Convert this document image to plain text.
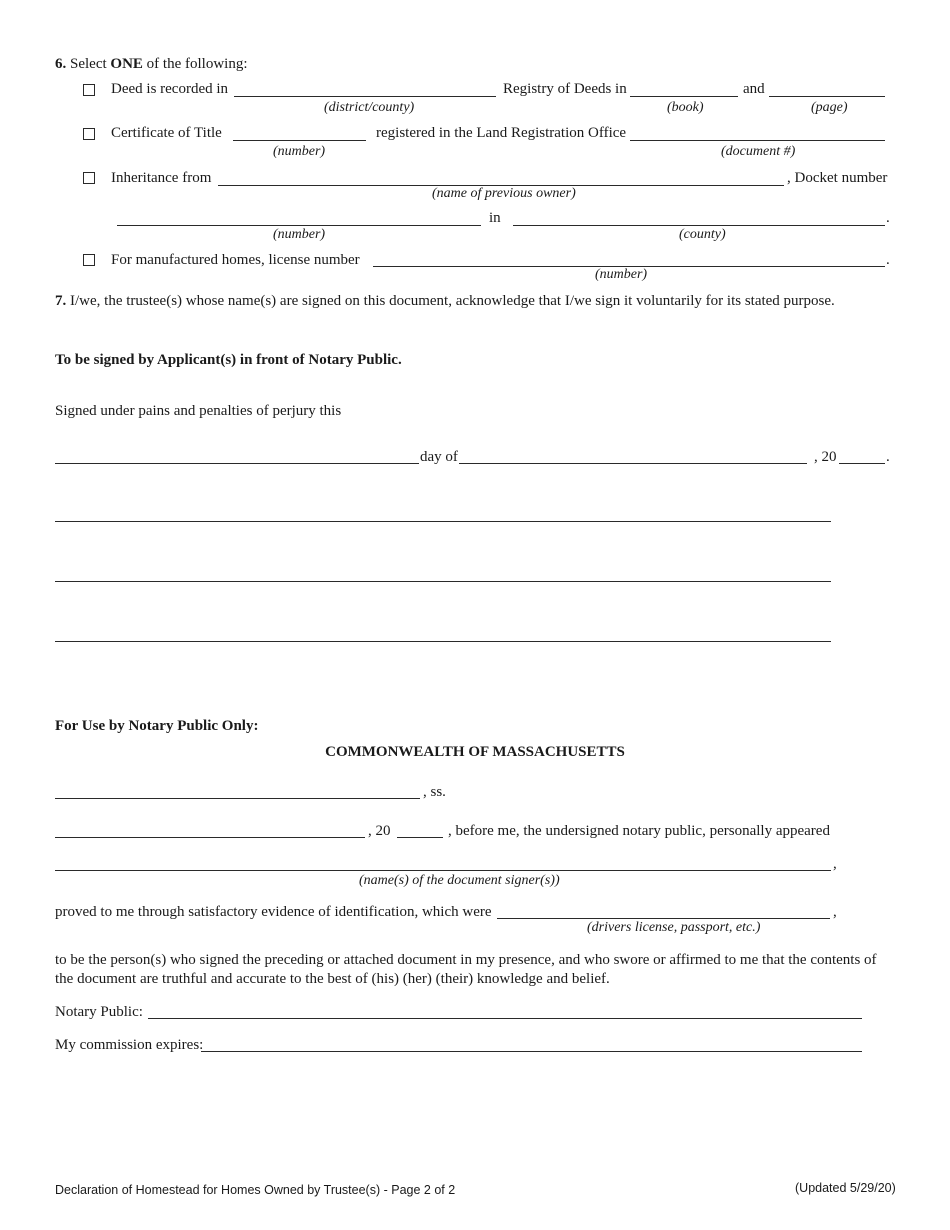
6. Select ONE of the following:
Deed is recorded in	Registry of Deeds in	and
(district/county)	(book)	(page)
Certificate of Title	registered in the Land Registration Office
(number)	(document #)
Inheritance from	, Docket number
(name of previous owner)
in	.
(number)	(county)
For manufactured homes, license number	.
(number)
7. I/we, the trustee(s) whose name(s) are signed on this document, acknowledge that I/we sign it voluntarily for its stated purpose.
To be signed by Applicant(s) in front of Notary Public.
Signed under pains and penalties of perjury this
day of	, 20	.
For Use by Notary Public Only:
COMMONWEALTH OF MASSACHUSETTS
, ss.
, 20	, before me, the undersigned notary public, personally appeared
,
(name(s) of the document signer(s))
proved to me through satisfactory evidence of identification, which were	,
(drivers license, passport, etc.)
to be the person(s) who signed the preceding or attached document in my presence, and who swore or affirmed to me that the contents of
the document are truthful and accurate to the best of (his) (her) (their) knowledge and belief.
Notary Public:
My commission expires:
Declaration of Homestead for Homes Owned by Trustee(s) - Page 2 of 2	(Updated 5/29/20)
